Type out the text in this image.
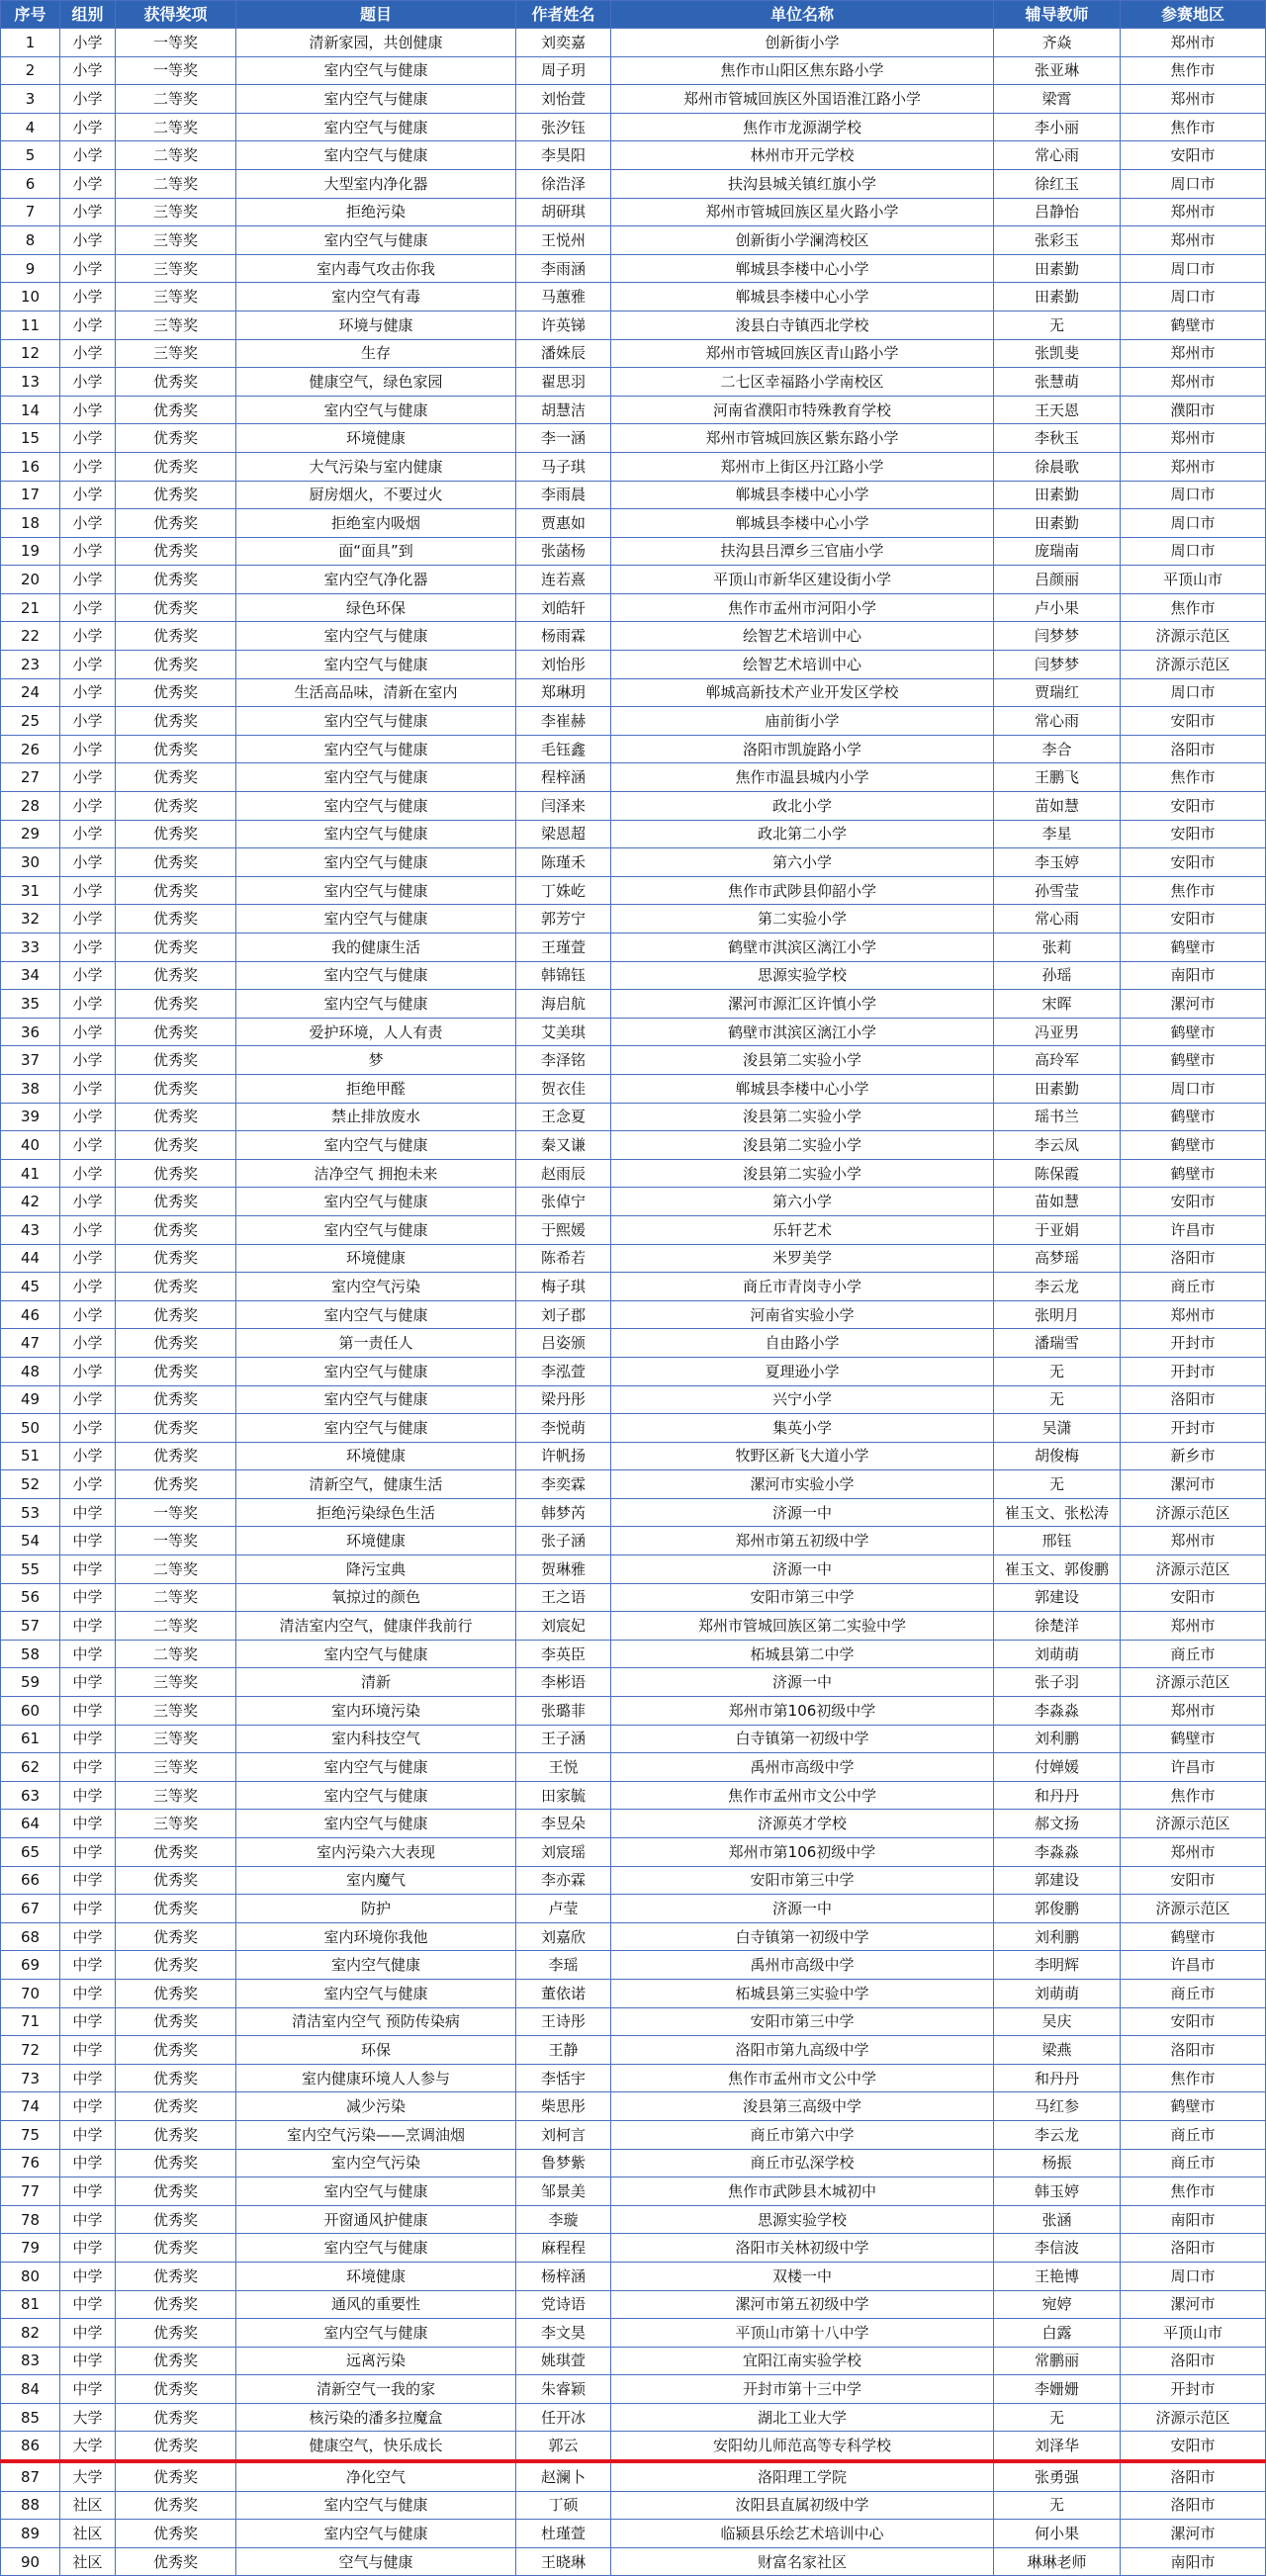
序号	组别	获得奖项	题目	作者姓名	单位名称	辅导教师	参赛地区
1	小学	一等奖	清新家园，共创健康	刘奕嘉	创新街小学	齐焱	郑州市
2	小学	一等奖	室内空气与健康	周子玥	焦作市山阳区焦东路小学	张亚琳	焦作市
3	小学	二等奖	室内空气与健康	刘怡萱	郑州市管城回族区外国语淮江路小学	梁霄	郑州市
4	小学	二等奖	室内空气与健康	张汐钰	焦作市龙源湖学校	李小丽	焦作市
5	小学	二等奖	室内空气与健康	李昊阳	林州市开元学校	常心雨	安阳市
6	小学	二等奖	大型室内净化器	徐浩泽	扶沟县城关镇红旗小学	徐红玉	周口市
7	小学	三等奖	拒绝污染	胡研琪	郑州市管城回族区星火路小学	吕静怡	郑州市
8	小学	三等奖	室内空气与健康	王悦州	创新街小学澜湾校区	张彩玉	郑州市
9	小学	三等奖	室内毒气攻击你我	李雨涵	郸城县李楼中心小学	田素勤	周口市
10	小学	三等奖	室内空气有毒	马蕙雅	郸城县李楼中心小学	田素勤	周口市
11	小学	三等奖	环境与健康	许英锑	浚县白寺镇西北学校	无	鹤壁市
12	小学	三等奖	生存	潘姝辰	郑州市管城回族区青山路小学	张凯斐	郑州市
13	小学	优秀奖	健康空气，绿色家园	翟思羽	二七区幸福路小学南校区	张慧萌	郑州市
14	小学	优秀奖	室内空气与健康	胡慧洁	河南省濮阳市特殊教育学校	王天恩	濮阳市
15	小学	优秀奖	环境健康	李一涵	郑州市管城回族区紫东路小学	李秋玉	郑州市
16	小学	优秀奖	大气污染与室内健康	马子琪	郑州市上街区丹江路小学	徐晨歌	郑州市
17	小学	优秀奖	厨房烟火，不要过火	李雨晨	郸城县李楼中心小学	田素勤	周口市
18	小学	优秀奖	拒绝室内吸烟	贾惠如	郸城县李楼中心小学	田素勤	周口市
19	小学	优秀奖	面“面具”到	张菡杨	扶沟县吕潭乡三官庙小学	庞瑞南	周口市
20	小学	优秀奖	室内空气净化器	连若熹	平顶山市新华区建设街小学	吕颜丽	平顶山市
21	小学	优秀奖	绿色环保	刘皓轩	焦作市孟州市河阳小学	卢小果	焦作市
22	小学	优秀奖	室内空气与健康	杨雨霖	绘智艺术培训中心	闫梦梦	济源示范区
23	小学	优秀奖	室内空气与健康	刘怡彤	绘智艺术培训中心	闫梦梦	济源示范区
24	小学	优秀奖	生活高品味，清新在室内	郑琳玥	郸城高新技术产业开发区学校	贾瑞红	周口市
25	小学	优秀奖	室内空气与健康	李崔赫	庙前街小学	常心雨	安阳市
26	小学	优秀奖	室内空气与健康	毛钰鑫	洛阳市凯旋路小学	李合	洛阳市
27	小学	优秀奖	室内空气与健康	程梓涵	焦作市温县城内小学	王鹏飞	焦作市
28	小学	优秀奖	室内空气与健康	闫泽来	政北小学	苗如慧	安阳市
29	小学	优秀奖	室内空气与健康	梁恩超	政北第二小学	李星	安阳市
30	小学	优秀奖	室内空气与健康	陈瑾禾	第六小学	李玉婷	安阳市
31	小学	优秀奖	室内空气与健康	丁姝屹	焦作市武陟县仰韶小学	孙雪莹	焦作市
32	小学	优秀奖	室内空气与健康	郭芳宁	第二实验小学	常心雨	安阳市
33	小学	优秀奖	我的健康生活	王瑾萱	鹤壁市淇滨区漓江小学	张莉	鹤壁市
34	小学	优秀奖	室内空气与健康	韩锦钰	思源实验学校	孙瑶	南阳市
35	小学	优秀奖	室内空气与健康	海启航	漯河市源汇区许慎小学	宋晖	漯河市
36	小学	优秀奖	爱护环境，人人有责	艾美琪	鹤壁市淇滨区漓江小学	冯亚男	鹤壁市
37	小学	优秀奖	梦	李泽铭	浚县第二实验小学	高玲军	鹤壁市
38	小学	优秀奖	拒绝甲醛	贺衣佳	郸城县李楼中心小学	田素勤	周口市
39	小学	优秀奖	禁止排放废水	王念夏	浚县第二实验小学	瑶书兰	鹤壁市
40	小学	优秀奖	室内空气与健康	秦又谦	浚县第二实验小学	李云凤	鹤壁市
41	小学	优秀奖	洁净空气 拥抱未来	赵雨辰	浚县第二实验小学	陈保霞	鹤壁市
42	小学	优秀奖	室内空气与健康	张倬宁	第六小学	苗如慧	安阳市
43	小学	优秀奖	室内空气与健康	于熙媛	乐轩艺术	于亚娟	许昌市
44	小学	优秀奖	环境健康	陈希若	米罗美学	高梦瑶	洛阳市
45	小学	优秀奖	室内空气污染	梅子琪	商丘市青岗寺小学	李云龙	商丘市
46	小学	优秀奖	室内空气与健康	刘子郡	河南省实验小学	张明月	郑州市
47	小学	优秀奖	第一责任人	吕姿颁	自由路小学	潘瑞雪	开封市
48	小学	优秀奖	室内空气与健康	李泓萱	夏理逊小学	无	开封市
49	小学	优秀奖	室内空气与健康	梁丹彤	兴宁小学	无	洛阳市
50	小学	优秀奖	室内空气与健康	李悦萌	集英小学	吴潇	开封市
51	小学	优秀奖	环境健康	许帆扬	牧野区新飞大道小学	胡俊梅	新乡市
52	小学	优秀奖	清新空气，健康生活	李奕霖	漯河市实验小学	无	漯河市
53	中学	一等奖	拒绝污染绿色生活	韩梦芮	济源一中	崔玉文、张松涛	济源示范区
54	中学	一等奖	环境健康	张子涵	郑州市第五初级中学	邢钰	郑州市
55	中学	二等奖	降污宝典	贺琳雅	济源一中	崔玉文、郭俊鹏	济源示范区
56	中学	二等奖	氧掠过的颜色	王之语	安阳市第三中学	郭建设	安阳市
57	中学	二等奖	清洁室内空气，健康伴我前行	刘宸妃	郑州市管城回族区第二实验中学	徐楚洋	郑州市
58	中学	二等奖	室内空气与健康	李英臣	柘城县第二中学	刘萌萌	商丘市
59	中学	三等奖	清新	李彬语	济源一中	张子羽	济源示范区
60	中学	三等奖	室内环境污染	张璐菲	郑州市第106初级中学	李淼淼	郑州市
61	中学	三等奖	室内科技空气	王子涵	白寺镇第一初级中学	刘利鹏	鹤壁市
62	中学	三等奖	室内空气与健康	王悦	禹州市高级中学	付婵媛	许昌市
63	中学	三等奖	室内空气与健康	田家毓	焦作市孟州市文公中学	和丹丹	焦作市
64	中学	三等奖	室内空气与健康	李昱朵	济源英才学校	郝文扬	济源示范区
65	中学	优秀奖	室内污染六大表现	刘宸瑶	郑州市第106初级中学	李淼淼	郑州市
66	中学	优秀奖	室内魔气	李亦霖	安阳市第三中学	郭建设	安阳市
67	中学	优秀奖	防护	卢莹	济源一中	郭俊鹏	济源示范区
68	中学	优秀奖	室内环境你我他	刘嘉欣	白寺镇第一初级中学	刘利鹏	鹤壁市
69	中学	优秀奖	室内空气健康	李瑶	禹州市高级中学	李明辉	许昌市
70	中学	优秀奖	室内空气与健康	董依诺	柘城县第三实验中学	刘萌萌	商丘市
71	中学	优秀奖	清洁室内空气 预防传染病	王诗彤	安阳市第三中学	吴庆	安阳市
72	中学	优秀奖	环保	王静	洛阳市第九高级中学	梁燕	洛阳市
73	中学	优秀奖	室内健康环境人人参与	李恬宇	焦作市孟州市文公中学	和丹丹	焦作市
74	中学	优秀奖	减少污染	柴思彤	浚县第三高级中学	马红参	鹤壁市
75	中学	优秀奖	室内空气污染——烹调油烟	刘柯言	商丘市第六中学	李云龙	商丘市
76	中学	优秀奖	室内空气污染	鲁梦紫	商丘市弘深学校	杨振	商丘市
77	中学	优秀奖	室内空气与健康	邹景美	焦作市武陟县木城初中	韩玉婷	焦作市
78	中学	优秀奖	开窗通风护健康	李璇	思源实验学校	张涵	南阳市
79	中学	优秀奖	室内空气与健康	麻程程	洛阳市关林初级中学	李信波	洛阳市
80	中学	优秀奖	环境健康	杨梓涵	双楼一中	王艳博	周口市
81	中学	优秀奖	通风的重要性	党诗语	漯河市第五初级中学	宛婷	漯河市
82	中学	优秀奖	室内空气与健康	李文昊	平顶山市第十八中学	白露	平顶山市
83	中学	优秀奖	远离污染	姚琪萱	宜阳江南实验学校	常鹏丽	洛阳市
84	中学	优秀奖	清新空气一我的家	朱睿颖	开封市第十三中学	李姗姗	开封市
85	大学	优秀奖	核污染的潘多拉魔盒	任开冰	湖北工业大学	无	济源示范区
86	大学	优秀奖	健康空气，快乐成长	郭云	安阳幼儿师范高等专科学校	刘泽华	安阳市
87	大学	优秀奖	净化空气	赵澜卜	洛阳理工学院	张勇强	洛阳市
88	社区	优秀奖	室内空气与健康	丁硕	汝阳县直属初级中学	无	洛阳市
89	社区	优秀奖	室内空气与健康	杜瑾萱	临颍县乐绘艺术培训中心	何小果	漯河市
90	社区	优秀奖	空气与健康	王晓琳	财富名家社区	琳琳老师	南阳市
